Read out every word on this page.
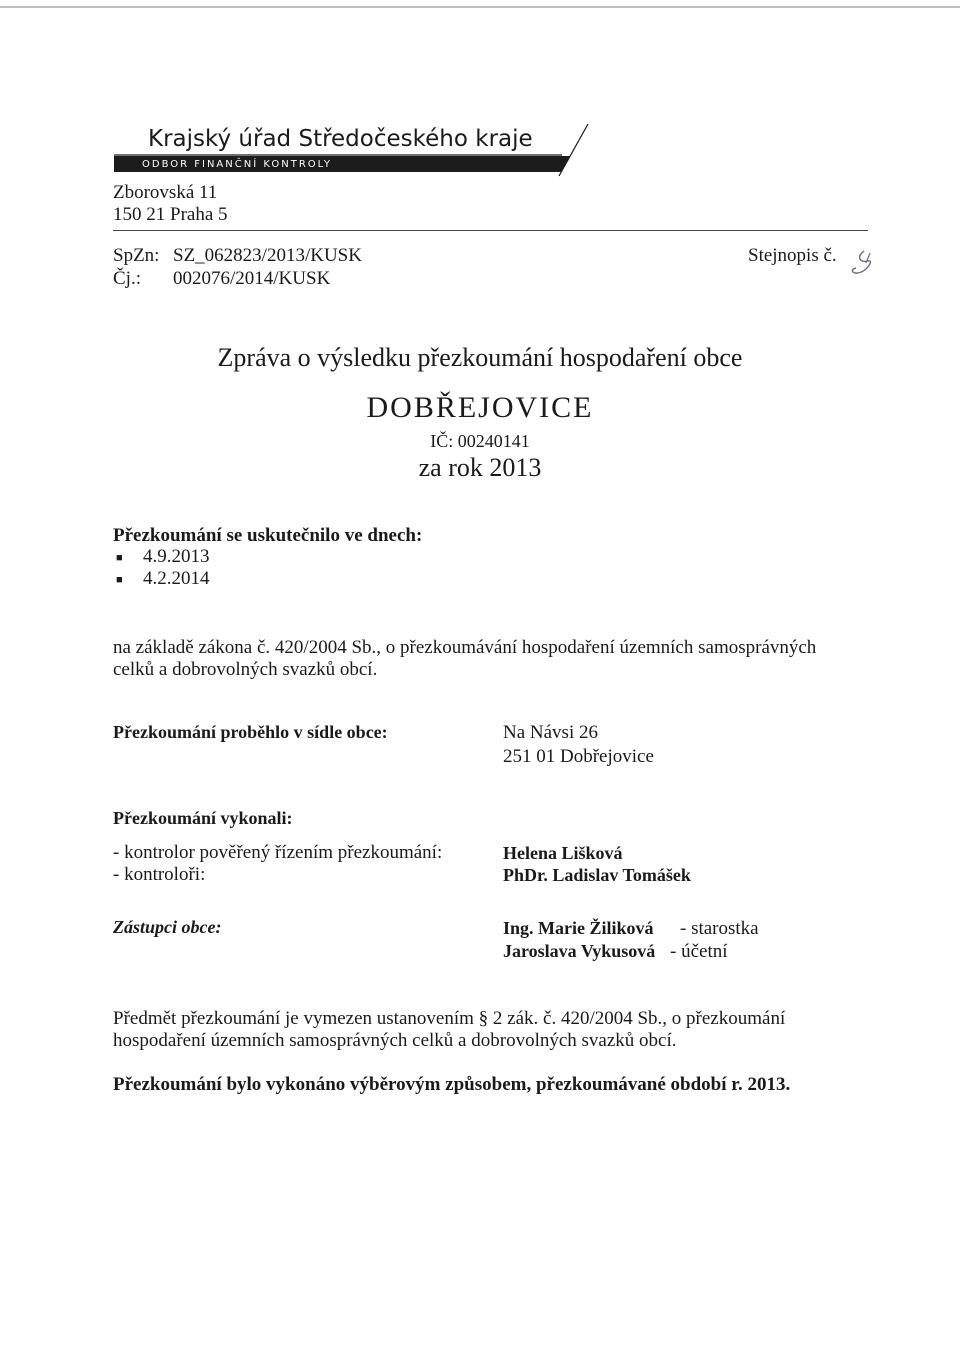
Krajský úřad Středočeského kraje
ODBOR FINANČNÍ KONTROLY
Zborovská 11
150 21 Praha 5
SpZn: SZ_062823/2013/KUSK
Čj.: 002076/2014/KUSK
Stejnopis č.
Zpráva o výsledku přezkoumání hospodaření obce
DOBŘEJOVICE
IČ: 00240141
za rok 2013
Přezkoumání se uskutečnilo ve dnech:
■ 4.9.2013
■ 4.2.2014
na základě zákona č. 420/2004 Sb., o přezkoumávání hospodaření územních samosprávných
celků a dobrovolných svazků obcí.
Přezkoumání proběhlo v sídle obce:	Na Návsi 26
251 01 Dobřejovice
Přezkoumání vykonali:
- kontrolor pověřený řízením přezkoumání:	Helena Lišková
- kontroloři:	PhDr. Ladislav Tomášek
Zástupci obce:	Ing. Marie Žiliková - starostka
Jaroslava Vykusová - účetní
Předmět přezkoumání je vymezen ustanovením § 2 zák. č. 420/2004 Sb., o přezkoumání
hospodaření územních samosprávných celků a dobrovolných svazků obcí.
Přezkoumání bylo vykonáno výběrovým způsobem, přezkoumávané období r. 2013.
